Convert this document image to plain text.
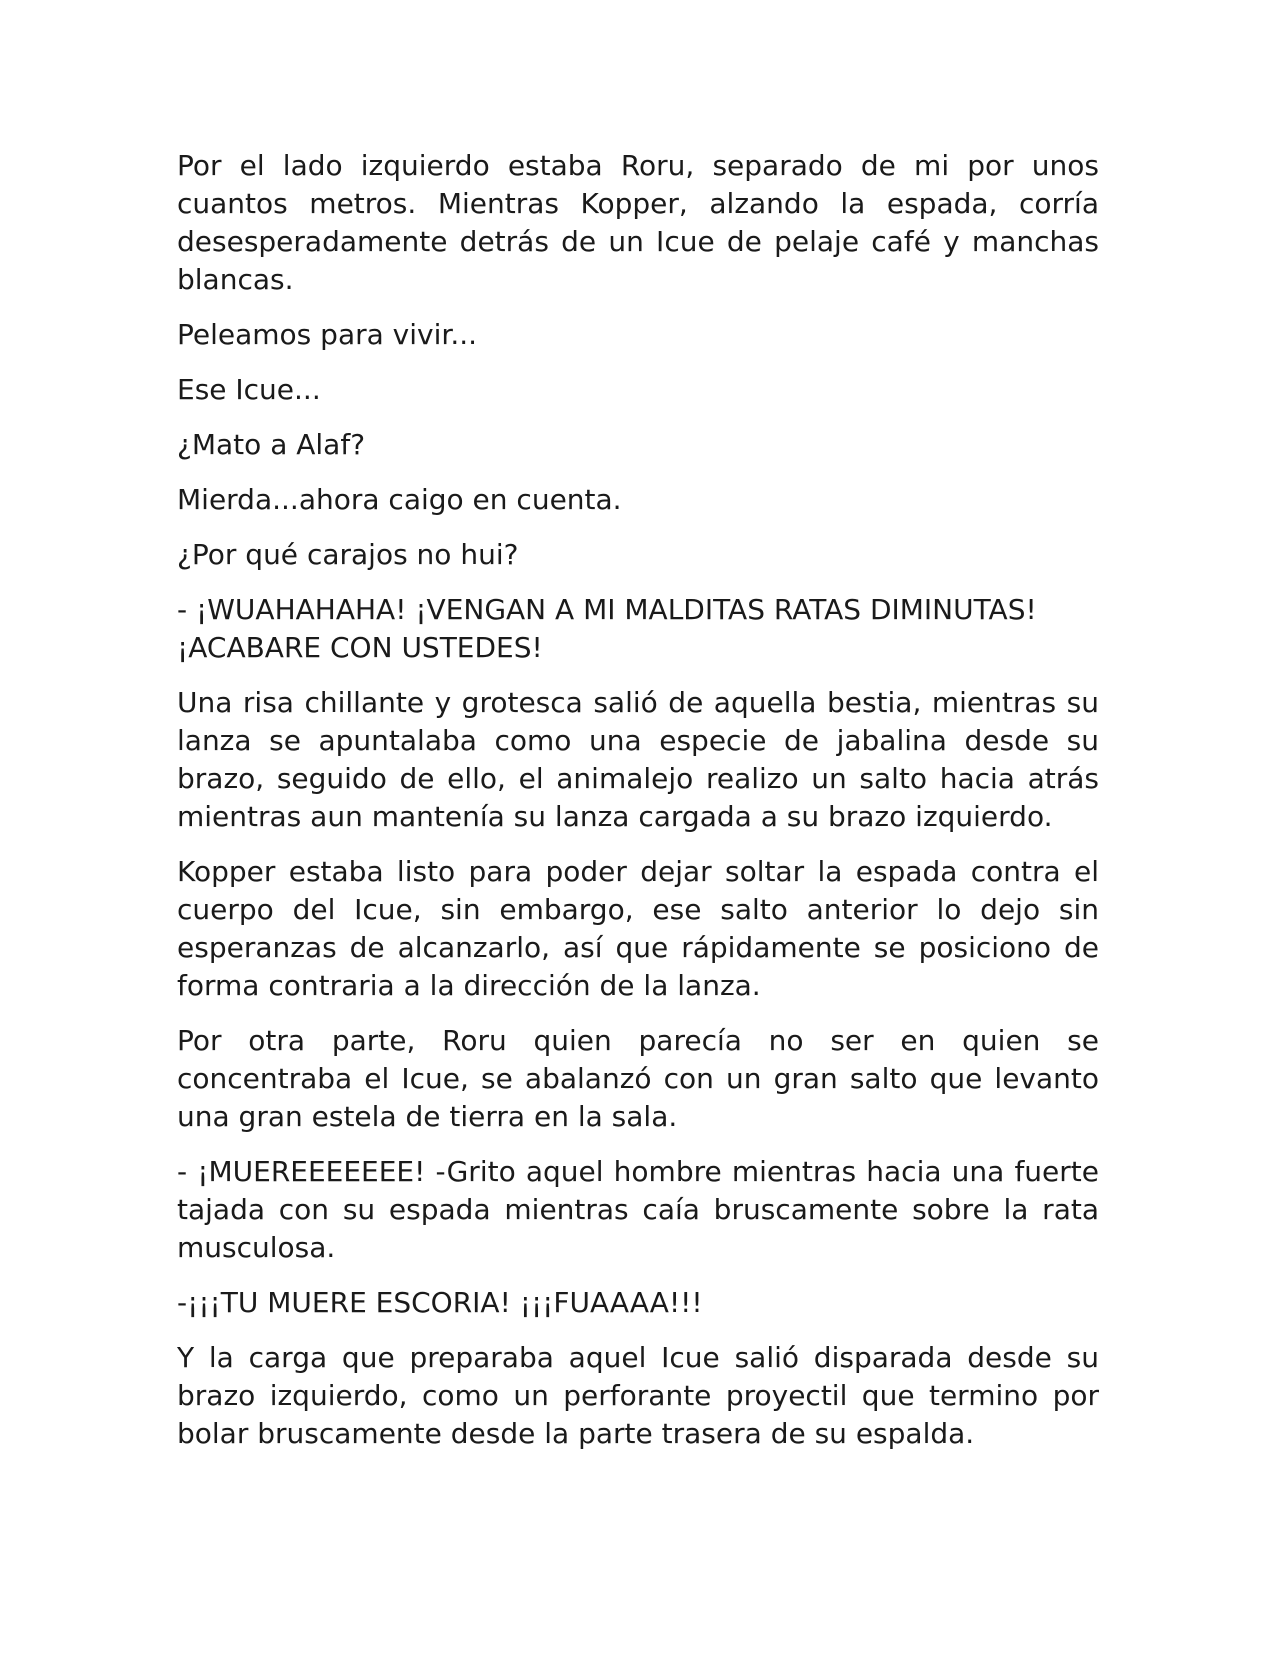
Por el lado izquierdo estaba Roru, separado de mi por unos cuantos metros. Mientras Kopper, alzando la espada, corría desesperadamente detrás de un Icue de pelaje café y manchas blancas.

Peleamos para vivir...

Ese Icue...

¿Mato a Alaf?

Mierda...ahora caigo en cuenta.

¿Por qué carajos no hui?

- ¡WUAHAHAHA! ¡VENGAN A MI MALDITAS RATAS DIMINUTAS! ¡ACABARE CON USTEDES!

Una risa chillante y grotesca salió de aquella bestia, mientras su lanza se apuntalaba como una especie de jabalina desde su brazo, seguido de ello, el animalejo realizo un salto hacia atrás mientras aun mantenía su lanza cargada a su brazo izquierdo.

Kopper estaba listo para poder dejar soltar la espada contra el cuerpo del Icue, sin embargo, ese salto anterior lo dejo sin esperanzas de alcanzarlo, así que rápidamente se posiciono de forma contraria a la dirección de la lanza.

Por otra parte, Roru quien parecía no ser en quien se concentraba el Icue, se abalanzó con un gran salto que levanto una gran estela de tierra en la sala.

- ¡MUEREEEEEEE! -Grito aquel hombre mientras hacia una fuerte tajada con su espada mientras caía bruscamente sobre la rata musculosa.

-¡¡¡TU MUERE ESCORIA! ¡¡¡FUAAAA!!!

Y la carga que preparaba aquel Icue salió disparada desde su brazo izquierdo, como un perforante proyectil que termino por bolar bruscamente desde la parte trasera de su espalda.
